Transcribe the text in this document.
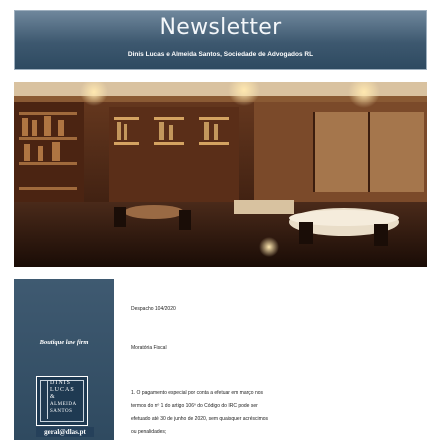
Newsletter
Dinis Lucas e Almeida Santos, Sociedade de Advogados RL
Boutique law firm
DINIS
LUCAS
&
ALMEIDA
SANTOS
geral@dlas.pt
Despacho 104/2020
Moratória Fiscal
1. O pagamento especial por conta a efetuar em março nos termos do nº 1 do artigo 106º do Código do IRC pode ser efetuado até 30 de junho de 2020, sem quaisquer acréscimos ou penalidades;
